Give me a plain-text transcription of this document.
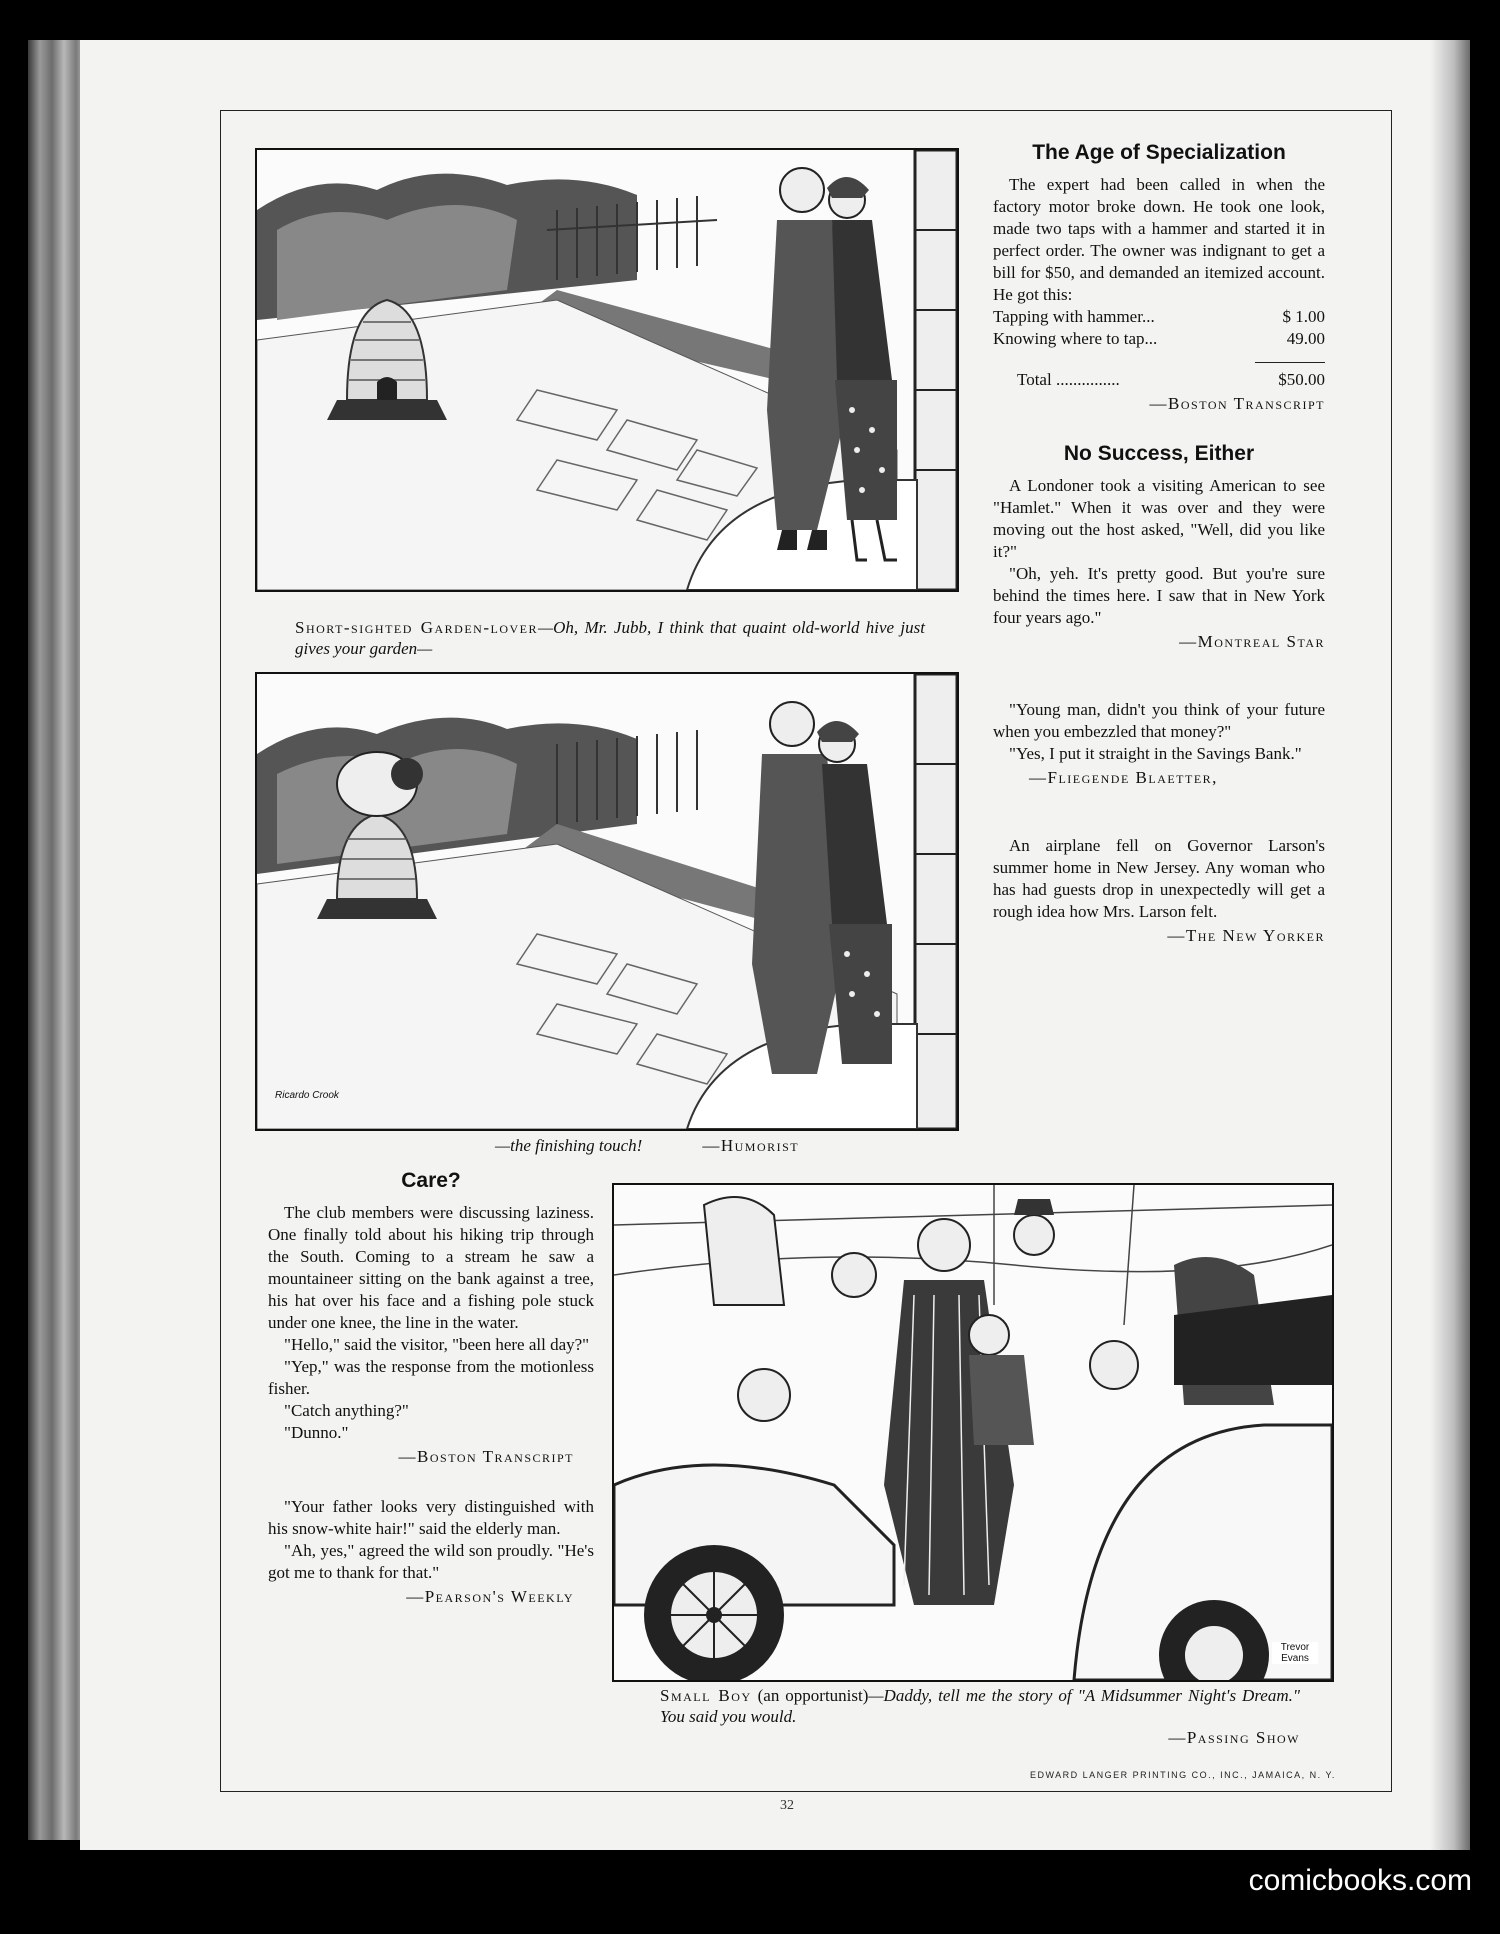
Short-sighted Garden-lover—Oh, Mr. Jubb, I think that quaint old-world hive just gives your garden—
Ricardo Crook
—the finishing touch!	—Humorist
The Age of Specialization

The expert had been called in when the factory motor broke down. He took one look, made two taps with a hammer and started it in perfect order. The owner was indignant to get a bill for $50, and demanded an itemized account. He got this:

Tapping with hammer...	$ 1.00

Knowing where to tap...	49.00

Total ...............	$50.00

—Boston Transcript

No Success, Either

A Londoner took a visiting American to see "Hamlet." When it was over and they were moving out the host asked, "Well, did you like it?"

"Oh, yeh. It's pretty good. But you're sure behind the times here. I saw that in New York four years ago."

—Montreal Star

"Young man, didn't you think of your future when you embezzled that money?"

"Yes, I put it straight in the Savings Bank."

—Fliegende Blaetter,

An airplane fell on Governor Larson's summer home in New Jersey. Any woman who has had guests drop in unexpectedly will get a rough idea how Mrs. Larson felt.

—The New Yorker

Care?

The club members were discussing laziness. One finally told about his hiking trip through the South. Coming to a stream he saw a mountaineer sitting on the bank against a tree, his hat over his face and a fishing pole stuck under one knee, the line in the water.

"Hello," said the visitor, "been here all day?"

"Yep," was the response from the motionless fisher.

"Catch anything?"

"Dunno."

—Boston Transcript

"Your father looks very distinguished with his snow-white hair!" said the elderly man.

"Ah, yes," agreed the wild son proudly. "He's got me to thank for that."

—Pearson's Weekly

Trevor Evans
Small Boy (an opportunist)—Daddy, tell me the story of "A Midsummer Night's Dream." You said you would.
—Passing Show
EDWARD LANGER PRINTING CO., INC., JAMAICA, N. Y.
32
comicbooks.com
